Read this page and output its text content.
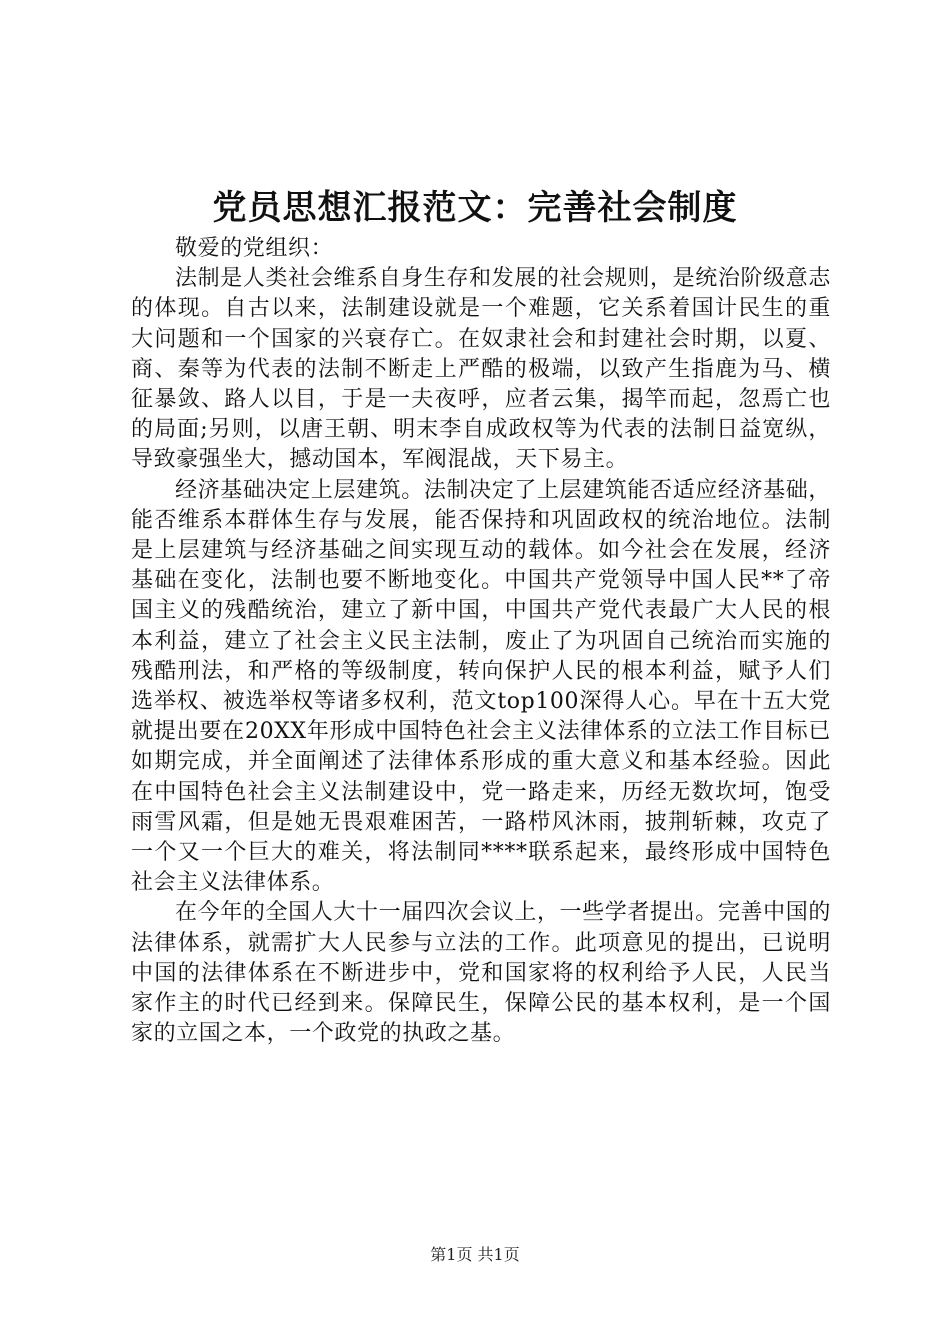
党员思想汇报范文：完善社会制度

敬爱的党组织：

法制是人类社会维系自身生存和发展的社会规则，是统治阶级意志的体现。自古以来，法制建设就是一个难题，它关系着国计民生的重大问题和一个国家的兴衰存亡。在奴隶社会和封建社会时期，以夏、商、秦等为代表的法制不断走上严酷的极端，以致产生指鹿为马、横征暴敛、路人以目，于是一夫夜呼，应者云集，揭竿而起，忽焉亡也的局面;另则，以唐王朝、明末李自成政权等为代表的法制日益宽纵，导致豪强坐大，撼动国本，军阀混战，天下易主。

经济基础决定上层建筑。法制决定了上层建筑能否适应经济基础，能否维系本群体生存与发展，能否保持和巩固政权的统治地位。法制是上层建筑与经济基础之间实现互动的载体。如今社会在发展，经济基础在变化，法制也要不断地变化。中国共产党领导中国人民**了帝国主义的残酷统治，建立了新中国，中国共产党代表最广大人民的根本利益，建立了社会主义民主法制，废止了为巩固自己统治而实施的残酷刑法，和严格的等级制度，转向保护人民的根本利益，赋予人们选举权、被选举权等诸多权利，范文top100深得人心。早在十五大党就提出要在20XX年形成中国特色社会主义法律体系的立法工作目标已如期完成，并全面阐述了法律体系形成的重大意义和基本经验。因此在中国特色社会主义法制建设中，党一路走来，历经无数坎坷，饱受雨雪风霜，但是她无畏艰难困苦，一路栉风沐雨，披荆斩棘，攻克了一个又一个巨大的难关，将法制同****联系起来，最终形成中国特色社会主义法律体系。

在今年的全国人大十一届四次会议上，一些学者提出。完善中国的法律体系，就需扩大人民参与立法的工作。此项意见的提出，已说明中国的法律体系在不断进步中，党和国家将的权利给予人民，人民当家作主的时代已经到来。保障民生，保障公民的基本权利，是一个国家的立国之本，一个政党的执政之基。

第1页 共1页
